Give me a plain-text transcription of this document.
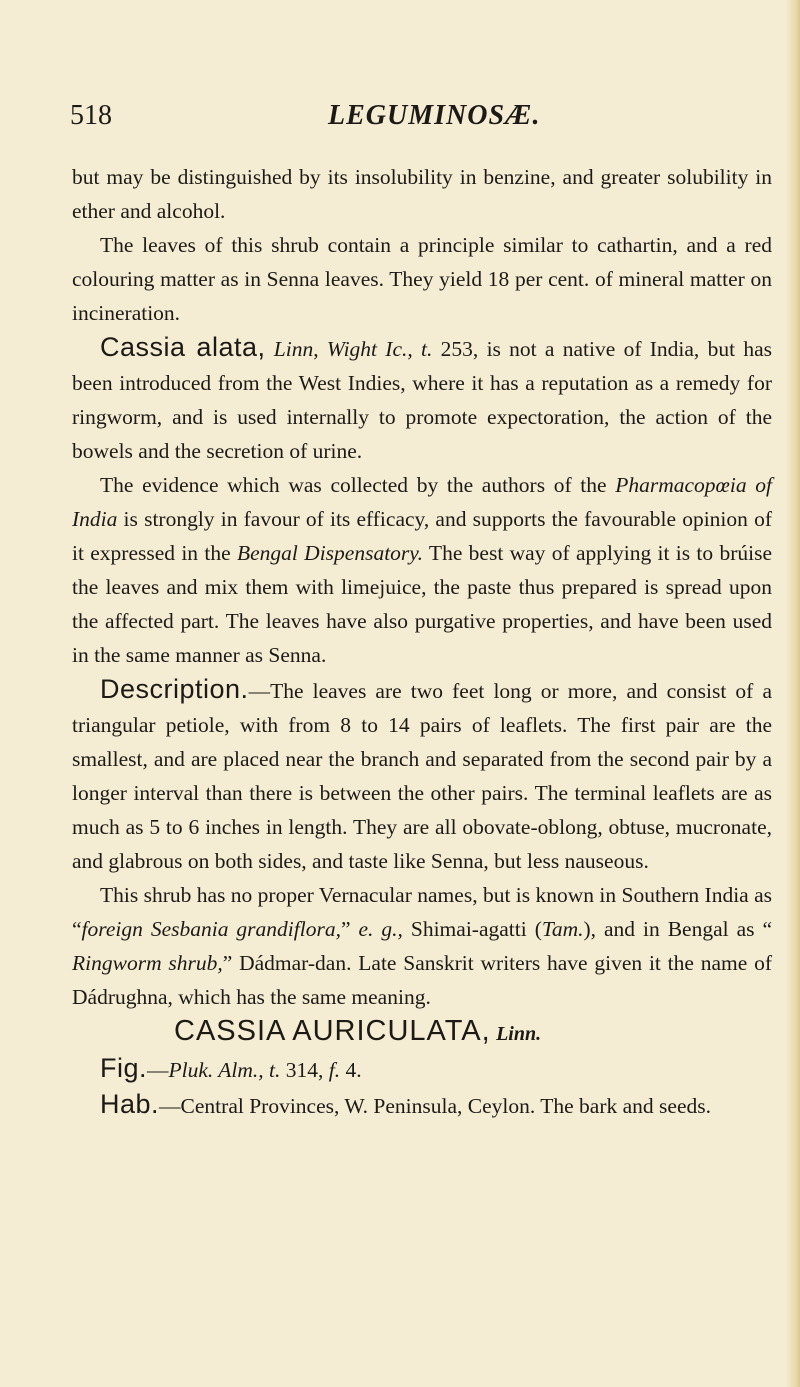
518	LEGUMINOSÆ.

but may be distinguished by its insolubility in benzine, and greater solubility in ether and alcohol.

The leaves of this shrub contain a principle similar to cathartin, and a red colouring matter as in Senna leaves. They yield 18 per cent. of mineral matter on incineration.

Cassia alata, Linn, Wight Ic., t. 253, is not a native of India, but has been introduced from the West Indies, where it has a reputation as a remedy for ringworm, and is used internally to promote expectoration, the action of the bowels and the secretion of urine.

The evidence which was collected by the authors of the Pharmacopœia of India is strongly in favour of its efficacy, and supports the favourable opinion of it expressed in the Bengal Dispensatory. The best way of applying it is to brúise the leaves and mix them with limejuice, the paste thus prepared is spread upon the affected part. The leaves have also purgative properties, and have been used in the same manner as Senna.

Description.—The leaves are two feet long or more, and consist of a triangular petiole, with from 8 to 14 pairs of leaflets. The first pair are the smallest, and are placed near the branch and separated from the second pair by a longer interval than there is between the other pairs. The terminal leaflets are as much as 5 to 6 inches in length. They are all obovate-oblong, obtuse, mucronate, and glabrous on both sides, and taste like Senna, but less nauseous.

This shrub has no proper Vernacular names, but is known in Southern India as “foreign Sesbania grandiflora,” e. g., Shimai-agatti (Tam.), and in Bengal as “ Ringworm shrub,” Dádmar-dan. Late Sanskrit writers have given it the name of Dádrughna, which has the same meaning.

CASSIA AURICULATA, Linn.

Fig.—Pluk. Alm., t. 314, f. 4.

Hab.—Central Provinces, W. Peninsula, Ceylon. The bark and seeds.
